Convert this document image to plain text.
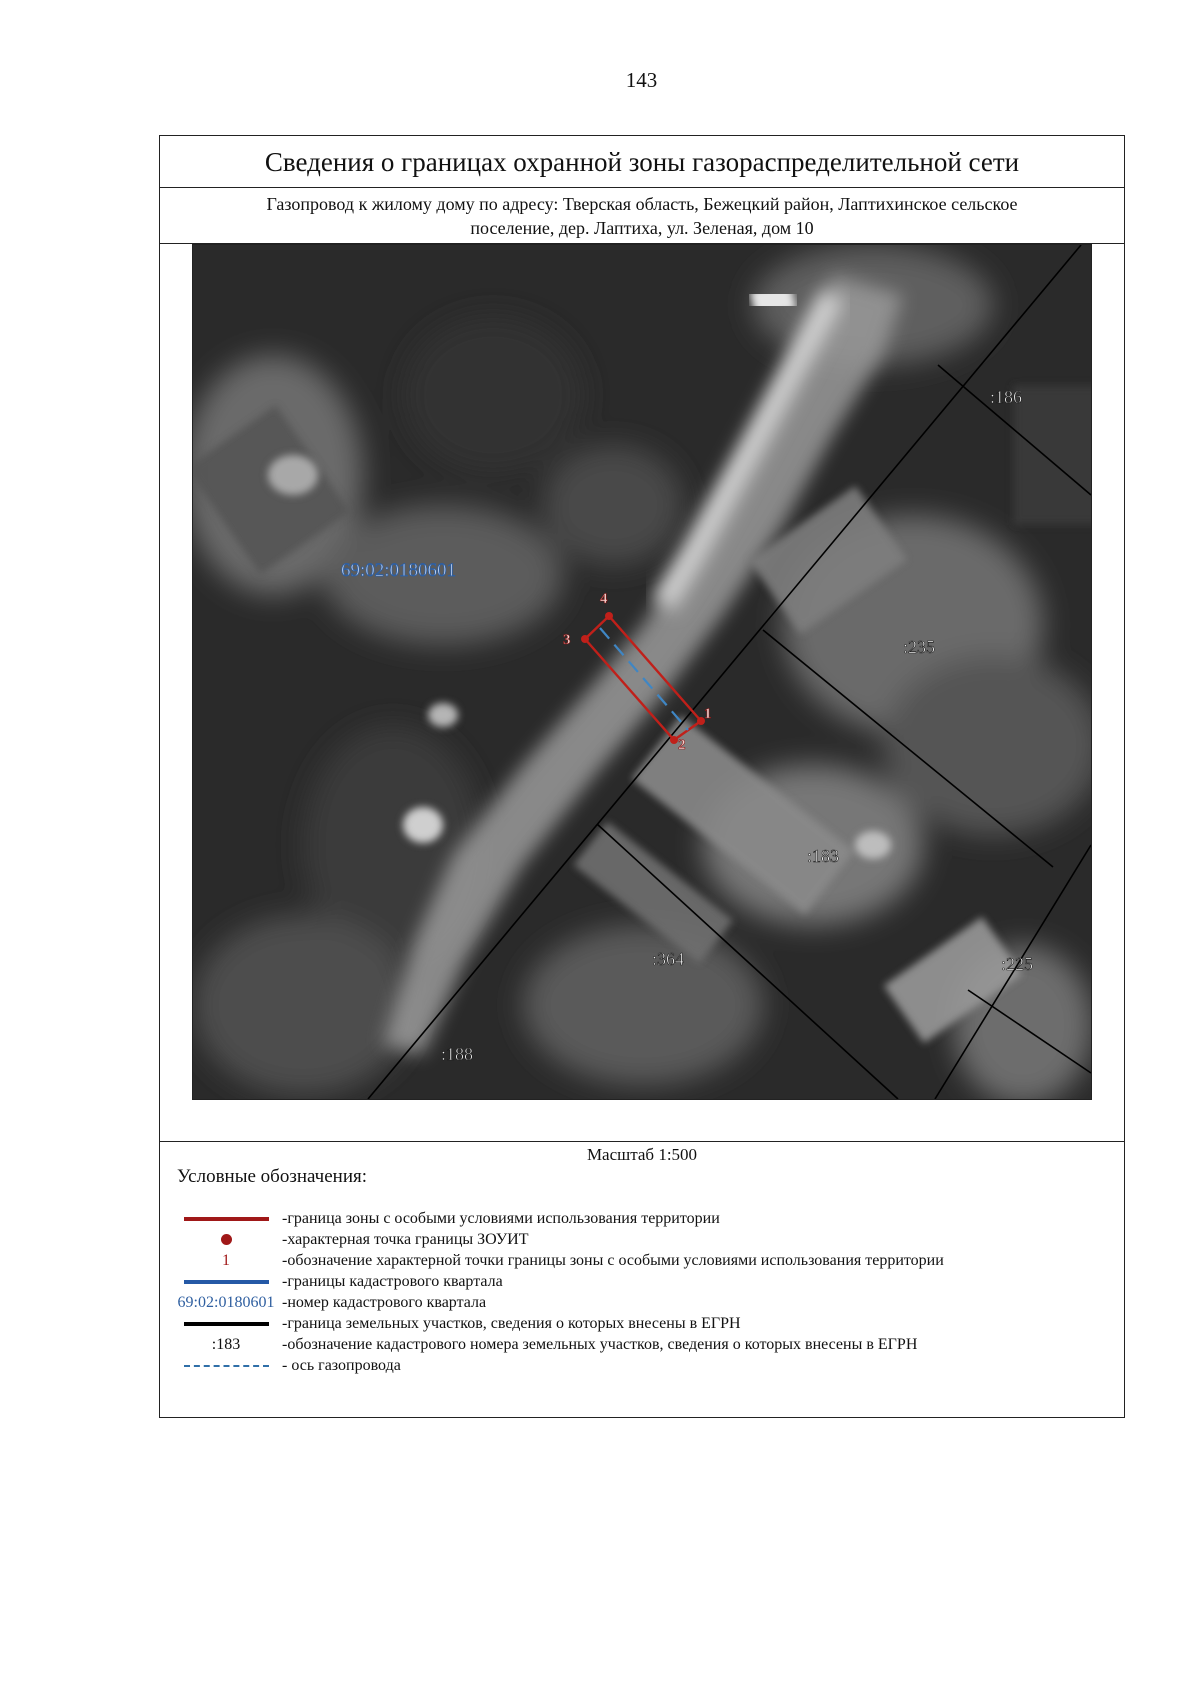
143
Сведения о границах охранной зоны газораспределительной сети
Газопровод к жилому дому по адресу: Тверская область, Бежецкий район, Лаптихинское сельское
поселение, дер. Лаптиха, ул. Зеленая, дом 10
1
2
3
4
69:02:0180601
:186
:235
:183
:364	:225
:188
Масштаб 1:500
Условные обозначения:
-граница зоны с особыми условиями использования территории
-характерная точка границы ЗОУИТ
1	-обозначение характерной точки границы зоны с особыми условиями использования территории
-границы кадастрового квартала
69:02:0180601 -номер кадастрового квартала
-граница земельных участков, сведения о которых внесены в ЕГРН
:183	-обозначение кадастрового номера земельных участков, сведения о которых внесены в ЕГРН
- ось газопровода
